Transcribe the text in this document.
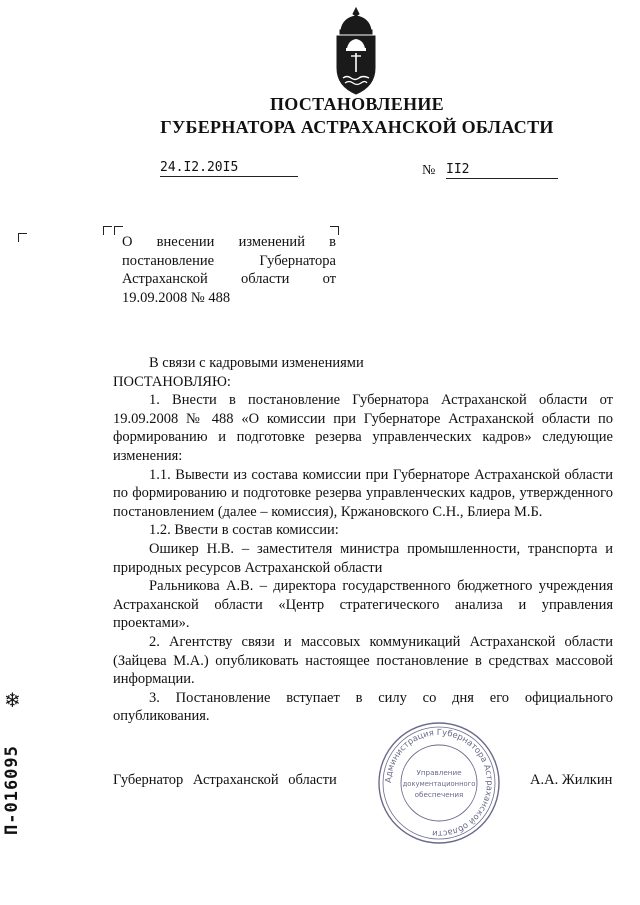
ПОСТАНОВЛЕНИЕ
ГУБЕРНАТОРА АСТРАХАНСКОЙ ОБЛАСТИ
24.I2.20I5	№ II2
О внесении изменений в постановление Губернатора Астраханской области от 19.09.2008 № 488

В связи с кадровыми изменениями

ПОСТАНОВЛЯЮ:

1. Внести в постановление Губернатора Астраханской области от 19.09.2008 № 488 «О комиссии при Губернаторе Астраханской области по формированию и подготовке резерва управленческих кадров» следующие изменения:

1.1. Вывести из состава комиссии при Губернаторе Астраханской области по формированию и подготовке резерва управленческих кадров, утвержденного постановлением (далее – комиссия), Кржановского С.Н., Блиера М.Б.

1.2. Ввести в состав комиссии:

Ошикер Н.В. – заместителя министра промышленности, транспорта и природных ресурсов Астраханской области

Ральникова А.В. – директора государственного бюджетного учреждения Астраханской области «Центр стратегического анализа и управления проектами».

2. Агентству связи и массовых коммуникаций Астраханской области (Зайцева М.А.) опубликовать настоящее постановление в средствах массовой информации.

3. Постановление вступает в силу со дня его официального опубликования.

Администрация Губернатора Астраханской области
Управление
документационного
обеспечения
Губернатор Астраханской области	А.А. Жилкин
❄
П-016095
